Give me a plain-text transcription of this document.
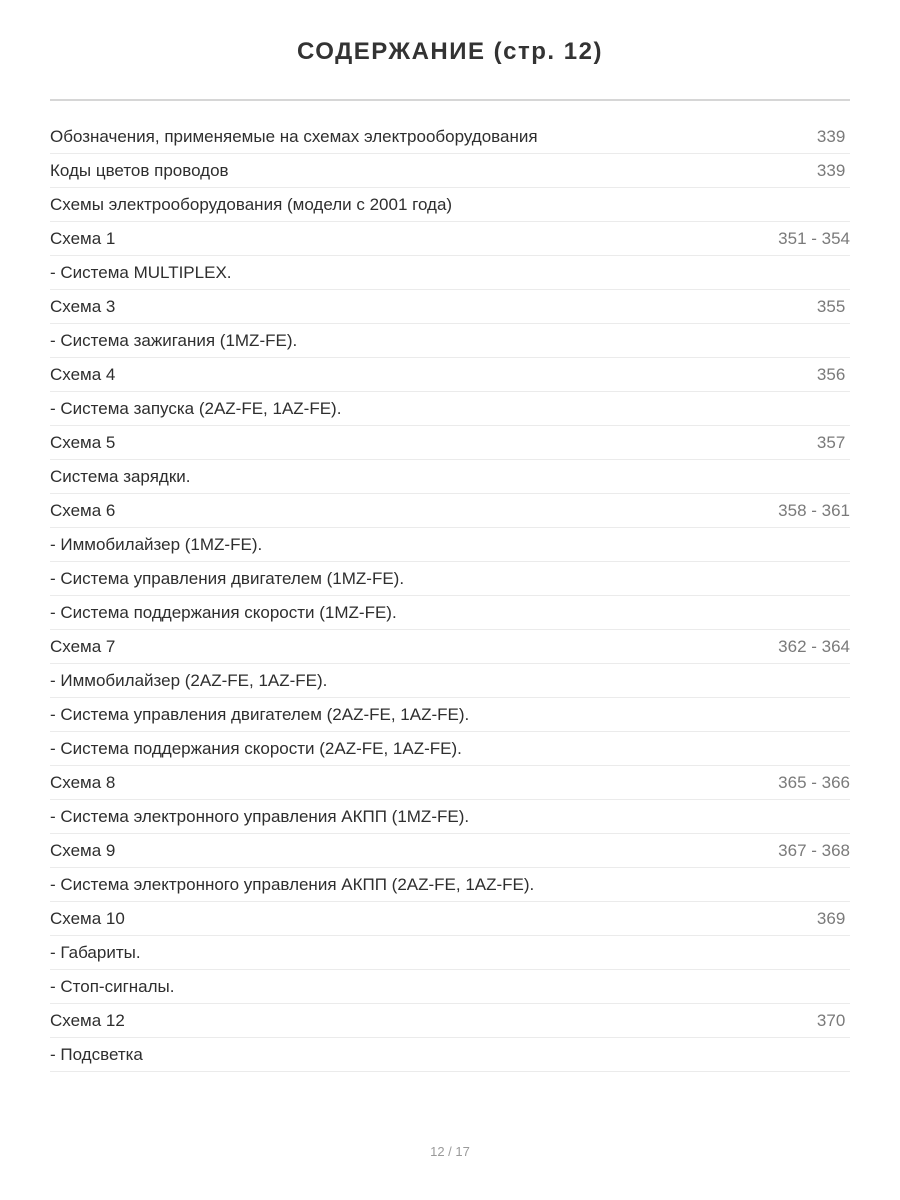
СОДЕРЖАНИЕ (стр. 12)
Обозначения, применяемые на схемах электрооборудования	339
Коды цветов проводов	339
Схемы электрооборудования (модели с 2001 года)
Схема 1	351 - 354
- Система MULTIPLEX.
Схема 3	355
- Система зажигания (1MZ-FE).
Схема 4	356
- Система запуска (2AZ-FE, 1AZ-FE).
Схема 5	357
Система зарядки.
Схема 6	358 - 361
- Иммобилайзер (1MZ-FE).
- Система управления двигателем (1MZ-FE).
- Система поддержания скорости (1MZ-FE).
Схема 7	362 - 364
- Иммобилайзер (2AZ-FE, 1AZ-FE).
- Система управления двигателем (2AZ-FE, 1AZ-FE).
- Система поддержания скорости (2AZ-FE, 1AZ-FE).
Схема 8	365 - 366
- Система электронного управления АКПП (1MZ-FE).
Схема 9	367 - 368
- Система электронного управления АКПП (2AZ-FE, 1AZ-FE).
Схема 10	369
- Габариты.
- Стоп-сигналы.
Схема 12	370
- Подсветка
12 / 17
